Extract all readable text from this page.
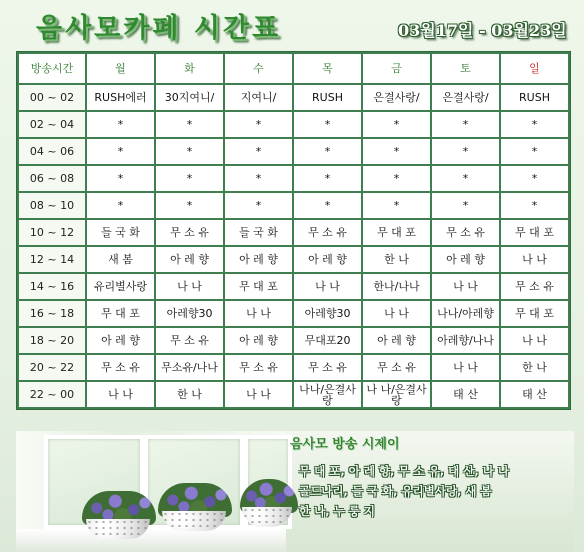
음사모카페 시간표	03월17일 - 03월23일
방송시간	월	화	수	목	금	토	일
00 ~ 02	RUSH에러	30지여니/	지여니/	RUSH	은결사랑/	은결사랑/	RUSH
02 ~ 04	*	*	*	*	*	*	*
04 ~ 06	*	*	*	*	*	*	*
06 ~ 08	*	*	*	*	*	*	*
08 ~ 10	*	*	*	*	*	*	*
10 ~ 12	들 국 화	무 소 유	들 국 화	무 소 유	무 대 포	무 소 유	무 대 포
12 ~ 14	새 봄	아 레 향	아 레 향	아 레 향	한 나	아 레 향	나 나
14 ~ 16	유리별사랑	나 나	무 대 포	나 나	한나/나나	나 나	무 소 유
16 ~ 18	무 대 포	아레향30	나 나	아레향30	나 나	나나/아레향	무 대 포
18 ~ 20	아 레 향	무 소 유	아 레 향	무대포20	아 레 향	아레향/나나	나 나
20 ~ 22	무 소 유	무소유/나나	무 소 유	무 소 유	무 소 유	나 나	한 나
22 ~ 00	나 나	한 나	나 나	나나/은결사랑	나 나/은결사랑	태 산	태 산
음사모 방송 시제이
무 대 포, 아 레 향, 무 소 유, 태 산, 나 나
골드나리, 들 국 화, 유리별사랑, 새 봄
한 나, 누 룽 지
